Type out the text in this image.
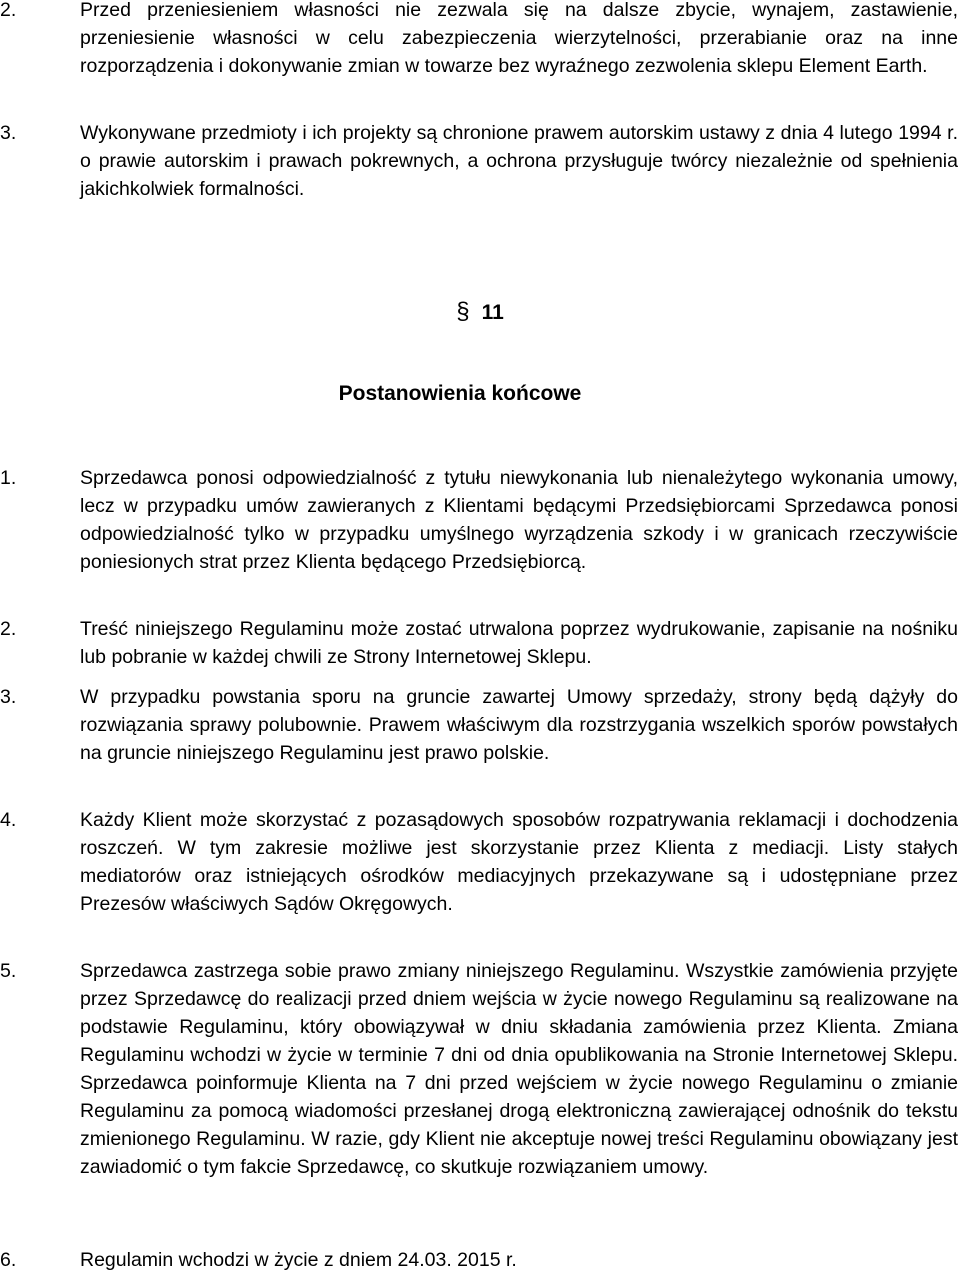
2.	Przed przeniesieniem własności nie zezwala się na dalsze zbycie, wynajem, zastawienie, przeniesienie własności w celu zabezpieczenia wierzytelności, przerabianie oraz na inne rozporządzenia i dokonywanie zmian w towarze bez wyraźnego zezwolenia sklepu Element Earth.
3.	Wykonywane przedmioty i ich projekty są chronione prawem autorskim ustawy z dnia 4 lutego 1994 r. o prawie autorskim i prawach pokrewnych, a ochrona przysługuje twórcy niezależnie od spełnienia jakichkolwiek formalności.
§ 11
Postanowienia końcowe
1.	Sprzedawca ponosi odpowiedzialność z tytułu niewykonania lub nienależytego wykonania umowy, lecz w przypadku umów zawieranych z Klientami będącymi Przedsiębiorcami Sprzedawca ponosi odpowiedzialność tylko w przypadku umyślnego wyrządzenia szkody i w granicach rzeczywiście poniesionych strat przez Klienta będącego Przedsiębiorcą.
2.	Treść niniejszego Regulaminu może zostać utrwalona poprzez wydrukowanie, zapisanie na nośniku lub pobranie w każdej chwili ze Strony Internetowej Sklepu.
3.	W przypadku powstania sporu na gruncie zawartej Umowy sprzedaży, strony będą dążyły do rozwiązania sprawy polubownie. Prawem właściwym dla rozstrzygania wszelkich sporów powstałych na gruncie niniejszego Regulaminu jest prawo polskie.
4.	Każdy Klient może skorzystać z pozasądowych sposobów rozpatrywania reklamacji i dochodzenia roszczeń. W tym zakresie możliwe jest skorzystanie przez Klienta z mediacji. Listy stałych mediatorów oraz istniejących ośrodków mediacyjnych przekazywane są i udostępniane przez Prezesów właściwych Sądów Okręgowych.
5.	Sprzedawca zastrzega sobie prawo zmiany niniejszego Regulaminu. Wszystkie zamówienia przyjęte przez Sprzedawcę do realizacji przed dniem wejścia w życie nowego Regulaminu są realizowane na podstawie Regulaminu, który obowiązywał w dniu składania zamówienia przez Klienta. Zmiana Regulaminu wchodzi w życie w terminie 7 dni od dnia opublikowania na Stronie Internetowej Sklepu. Sprzedawca poinformuje Klienta na 7 dni przed wejściem w życie nowego Regulaminu o zmianie Regulaminu za pomocą wiadomości przesłanej drogą elektroniczną zawierającej odnośnik do tekstu zmienionego Regulaminu. W razie, gdy Klient nie akceptuje nowej treści Regulaminu obowiązany jest zawiadomić o tym fakcie Sprzedawcę, co skutkuje rozwiązaniem umowy.
6.	Regulamin wchodzi w życie z dniem 24.03. 2015 r.
